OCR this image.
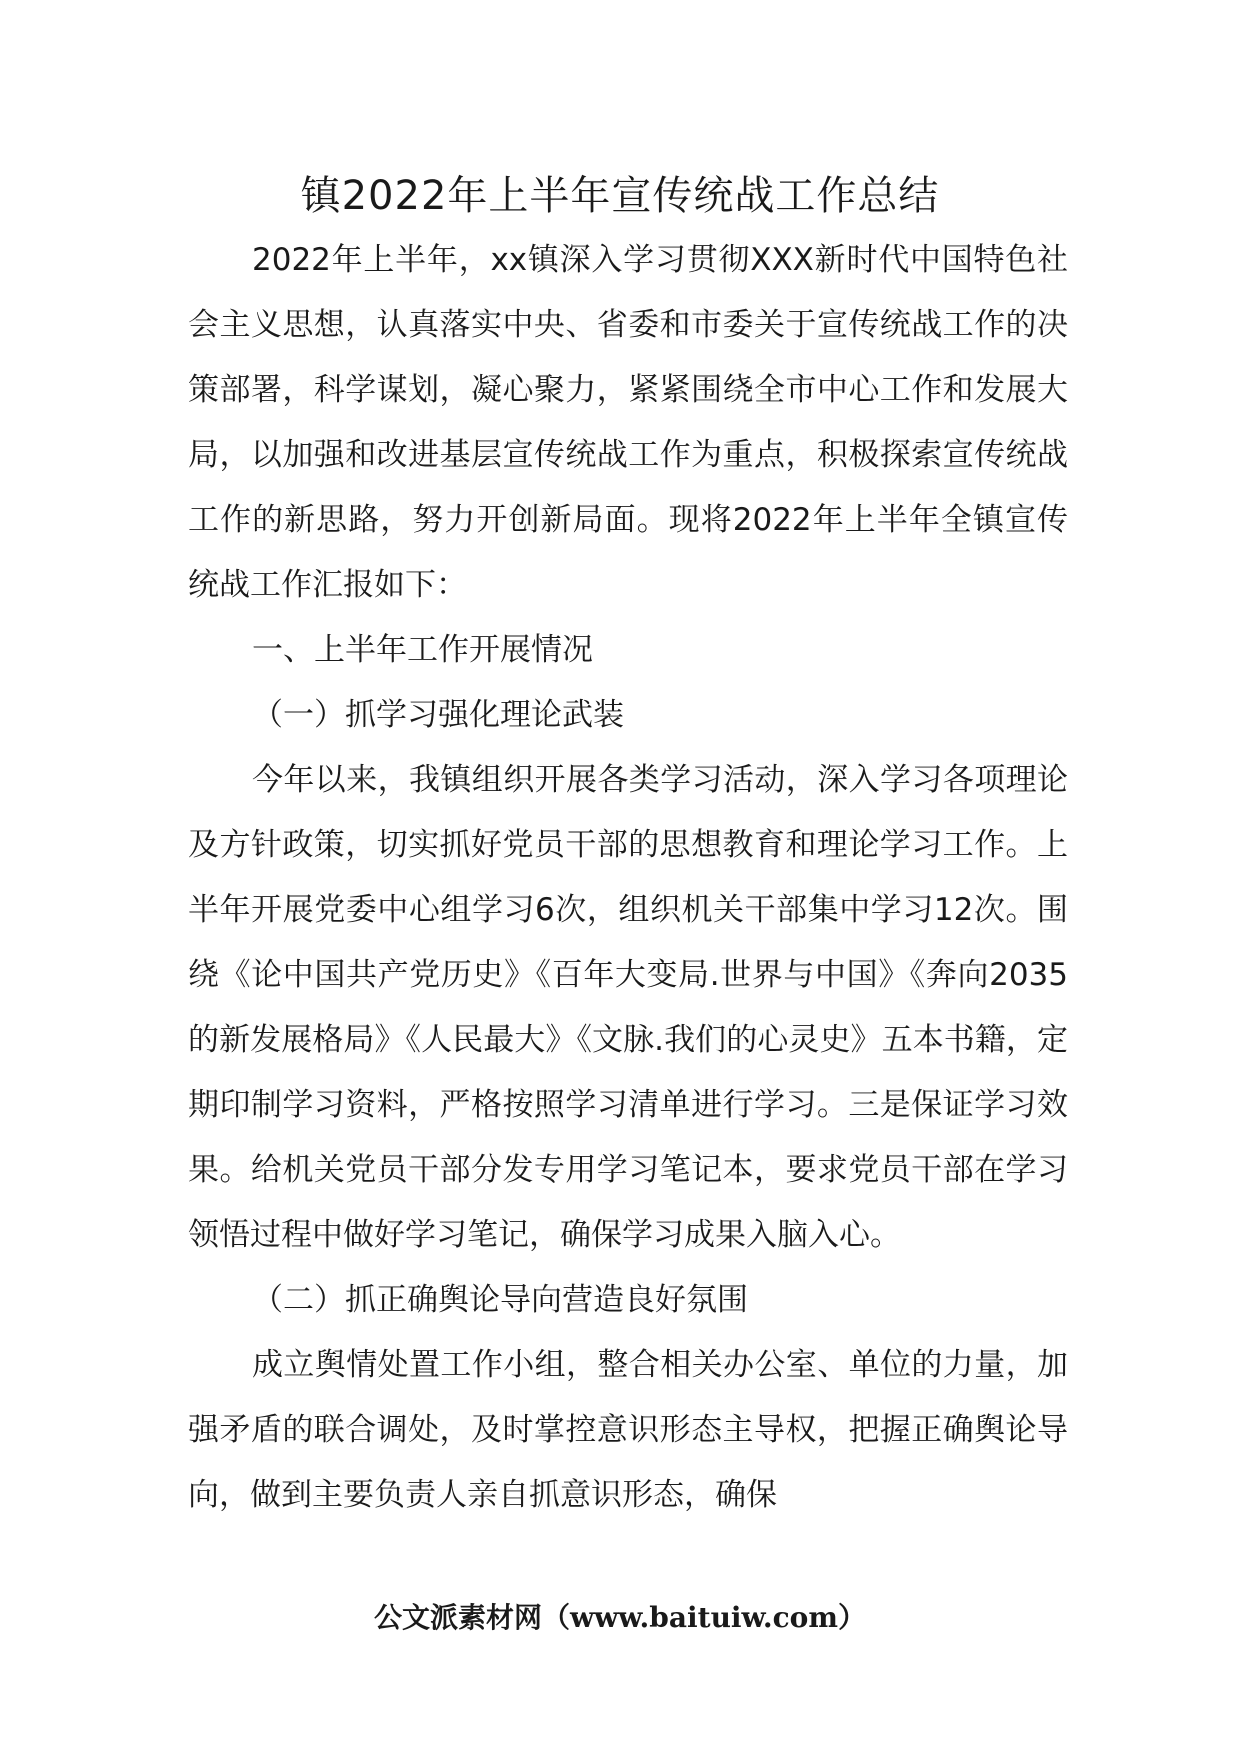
镇2022年上半年宣传统战工作总结

2022年上半年，xx镇深入学习贯彻XXX新时代中国特色社会主义思想，认真落实中央、省委和市委关于宣传统战工作的决策部署，科学谋划，凝心聚力，紧紧围绕全市中心工作和发展大局，以加强和改进基层宣传统战工作为重点，积极探索宣传统战工作的新思路，努力开创新局面。现将2022年上半年全镇宣传统战工作汇报如下：

一、上半年工作开展情况

（一）抓学习强化理论武装

今年以来，我镇组织开展各类学习活动，深入学习各项理论及方针政策，切实抓好党员干部的思想教育和理论学习工作。上半年开展党委中心组学习6次，组织机关干部集中学习12次。围绕《论中国共产党历史》《百年大变局.世界与中国》《奔向2035的新发展格局》《人民最大》《文脉.我们的心灵史》五本书籍，定期印制学习资料，严格按照学习清单进行学习。三是保证学习效果。给机关党员干部分发专用学习笔记本，要求党员干部在学习领悟过程中做好学习笔记，确保学习成果入脑入心。

（二）抓正确舆论导向营造良好氛围

成立舆情处置工作小组，整合相关办公室、单位的力量，加强矛盾的联合调处，及时掌控意识形态主导权，把握正确舆论导向，做到主要负责人亲自抓意识形态，确保

公文派素材网（www.baituiw.com）
